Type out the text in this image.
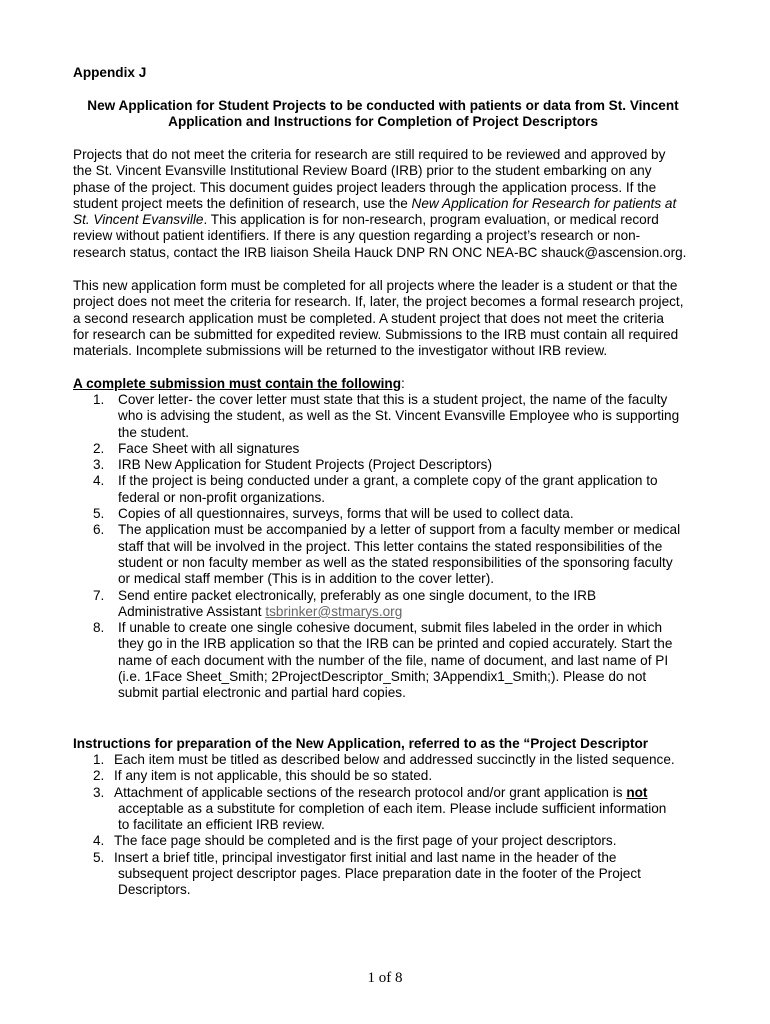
Appendix J
New Application for Student Projects to be conducted with patients or data from St. Vincent
Application and Instructions for Completion of Project Descriptors
Projects that do not meet the criteria for research are still required to be reviewed and approved by
the St. Vincent Evansville Institutional Review Board (IRB) prior to the student embarking on any
phase of the project. This document guides project leaders through the application process. If the
student project meets the definition of research, use the New Application for Research for patients at
St. Vincent Evansville. This application is for non-research, program evaluation, or medical record
review without patient identifiers. If there is any question regarding a project’s research or non-
research status, contact the IRB liaison Sheila Hauck DNP RN ONC NEA-BC shauck@ascension.org.
This new application form must be completed for all projects where the leader is a student or that the
project does not meet the criteria for research. If, later, the project becomes a formal research project,
a second research application must be completed. A student project that does not meet the criteria
for research can be submitted for expedited review. Submissions to the IRB must contain all required
materials. Incomplete submissions will be returned to the investigator without IRB review.
A complete submission must contain the following:
1. Cover letter- the cover letter must state that this is a student project, the name of the faculty
who is advising the student, as well as the St. Vincent Evansville Employee who is supporting
the student.
2. Face Sheet with all signatures
3. IRB New Application for Student Projects (Project Descriptors)
4. If the project is being conducted under a grant, a complete copy of the grant application to
federal or non-profit organizations.
5. Copies of all questionnaires, surveys, forms that will be used to collect data.
6. The application must be accompanied by a letter of support from a faculty member or medical
staff that will be involved in the project. This letter contains the stated responsibilities of the
student or non faculty member as well as the stated responsibilities of the sponsoring faculty
or medical staff member (This is in addition to the cover letter).
7. Send entire packet electronically, preferably as one single document, to the IRB
Administrative Assistant tsbrinker@stmarys.org
8. If unable to create one single cohesive document, submit files labeled in the order in which
they go in the IRB application so that the IRB can be printed and copied accurately. Start the
name of each document with the number of the file, name of document, and last name of PI
(i.e. 1Face Sheet_Smith; 2ProjectDescriptor_Smith; 3Appendix1_Smith;). Please do not
submit partial electronic and partial hard copies.
Instructions for preparation of the New Application, referred to as the “Project Descriptor
1. Each item must be titled as described below and addressed succinctly in the listed sequence.
2. If any item is not applicable, this should be so stated.
3. Attachment of applicable sections of the research protocol and/or grant application is not
acceptable as a substitute for completion of each item. Please include sufficient information
to facilitate an efficient IRB review.
4. The face page should be completed and is the first page of your project descriptors.
5. Insert a brief title, principal investigator first initial and last name in the header of the
subsequent project descriptor pages. Place preparation date in the footer of the Project
Descriptors.
1 of 8
